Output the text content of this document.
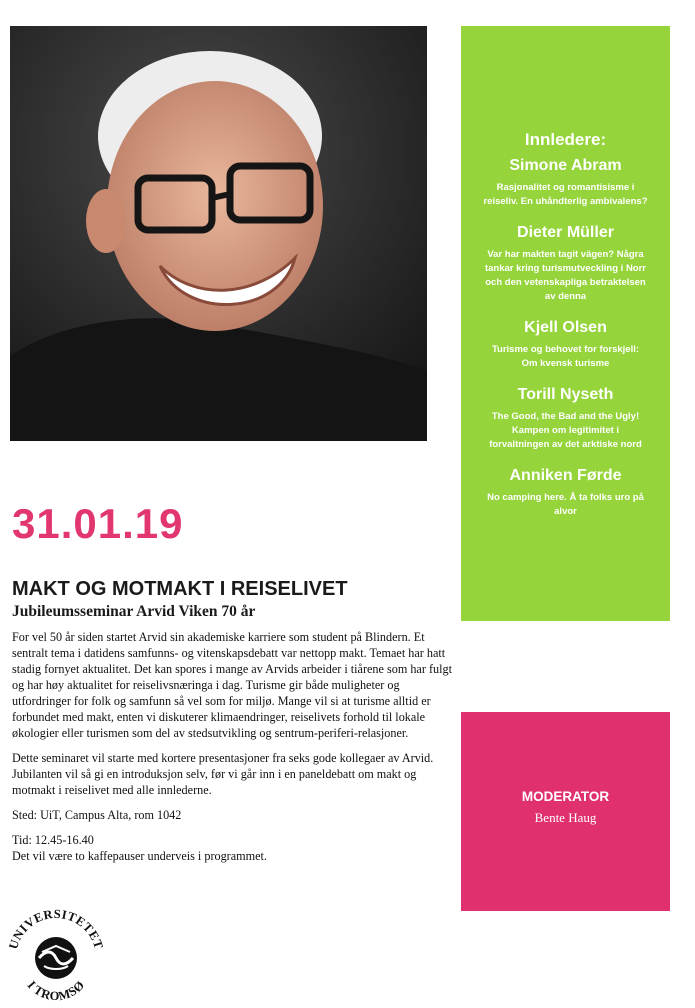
Innledere:
Simone Abram
Rasjonalitet og romantisisme i reiseliv. En uhåndterlig ambivalens?
Dieter Müller
Var har makten tagit vägen? Några tankar kring turismutveckling i Norr och den vetenskapliga betraktelsen av denna
Kjell Olsen
Turisme og behovet for forskjell: Om kvensk turisme
Torill Nyseth
The Good, the Bad and the Ugly! Kampen om legitimitet i forvaltningen av det arktiske nord
Anniken Førde
No camping here. Å ta folks uro på alvor
31.01.19
MAKT OG MOTMAKT I REISELIVET
Jubileumsseminar Arvid Viken 70 år

For vel 50 år siden startet Arvid sin akademiske karriere som student på Blindern. Et sentralt tema i datidens samfunns- og vitenskapsdebatt var nettopp makt. Temaet har hatt stadig fornyet aktualitet. Det kan spores i mange av Arvids arbeider i tiårene som har fulgt og har høy aktualitet for reiselivsnæringa i dag. Turisme gir både muligheter og utfordringer for folk og samfunn så vel som for miljø. Mange vil si at turisme alltid er forbundet med makt, enten vi diskuterer klimaendringer, reiselivets forhold til lokale økologier eller turismen som del av stedsutvikling og sentrum-periferi-relasjoner.

Dette seminaret vil starte med kortere presentasjoner fra seks gode kollegaer av Arvid. Jubilanten vil så gi en introduksjon selv, før vi går inn i en paneldebatt om makt og motmakt i reiselivet med alle innlederne.

Sted: UiT, Campus Alta, rom 1042

Tid: 12.45-16.40

Det vil være to kaffepauser underveis i programmet.

MODERATOR
Bente Haug
UNIVERSITETET
I TROMSØ
